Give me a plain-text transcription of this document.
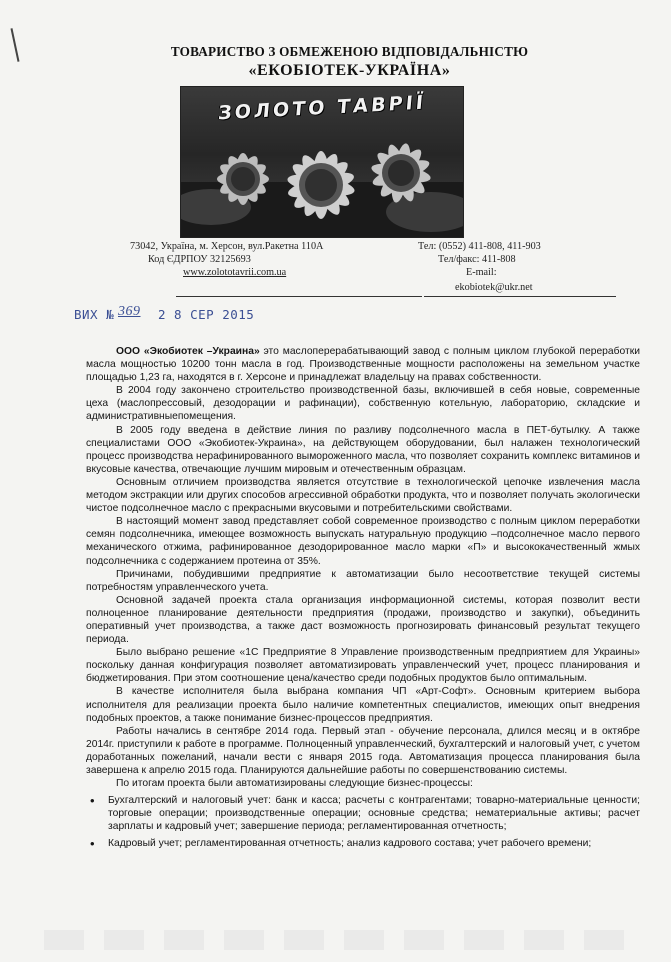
ТОВАРИСТВО З ОБМЕЖЕНОЮ ВІДПОВІДАЛЬНІСТЮ
«ЕКОБІОТЕК-УКРАЇНА»
ЗОЛОТО ТАВРІЇ
73042, Україна, м. Херсон, вул.Ракетна 110А
Код ЄДРПОУ 32125693
www.zolototavrii.com.ua
Тел: (0552) 411-808, 411-903
Тел/факс: 411-808
E-mail:
ekobiotek@ukr.net
ВИХ № 369 2 8 СЕР 2015

ООО «Экобиотек –Украина» это маслоперерабатывающий завод с полным циклом глубокой переработки масла мощностью 10200 тонн масла в год. Производственные мощности расположены на земельном участке площадью 1,23 га, находятся в г. Херсоне и принадлежат владельцу на правах собственности.

В 2004 году закончено строительство производственной базы, включившей в себя новые, современные цеха (маслопрессовый, дезодорации и рафинации), собственную котельную, лабораторию, складские и административныепомещения.

В 2005 году введена в действие линия по разливу подсолнечного масла в ПЕТ-бутылку. А также специалистами ООО «Экобиотек-Украина», на действующем оборудовании, был налажен технологический процесс производства нерафинированного вымороженного масла, что позволяет сохранить комплекс витаминов и вкусовые качества, отвечающие лучшим мировым и отечественным образцам.

Основным отличием производства является отсутствие в технологической цепочке извлечения масла методом экстракции или других способов агрессивной обработки продукта, что и позволяет получать экологически чистое подсолнечное масло с прекрасными вкусовыми и потребительскими свойствами.

В настоящий момент завод представляет собой современное производство с полным циклом переработки семян подсолнечника, имеющее возможность выпускать натуральную продукцию –подсолнечное масло первого механического отжима, рафинированное дезодорированное масло марки «П» и высококачественный жмых подсолнечника с содержанием протеина от 35%.

Причинами, побудившими предприятие к автоматизации было несоответствие текущей системы потребностям управленческого учета.

Основной задачей проекта стала организация информационной системы, которая позволит вести полноценное планирование деятельности предприятия (продажи, производство и закупки), объединить оперативный учет производства, а также даст возможность прогнозировать финансовый результат текущего периода.

Было выбрано решение «1С Предприятие 8 Управление производственным предприятием для Украины» поскольку данная конфигурация позволяет автоматизировать управленческий учет, процесс планирования и бюджетирования. При этом соотношение цена/качество среди подобных продуктов было оптимальным.

В качестве исполнителя была выбрана компания ЧП «Арт-Софт». Основным критерием выбора исполнителя для реализации проекта было наличие компетентных специалистов, имеющих опыт внедрения подобных проектов, а также понимание бизнес-процессов предприятия.

Работы начались в сентябре 2014 года. Первый этап - обучение персонала, длился месяц и в октябре 2014г. приступили к работе в программе. Полноценный управленческий, бухгалтерский и налоговый учет, с учетом доработанных пожеланий, начали вести с января 2015 года. Автоматизация процесса планирования была завершена к апрелю 2015 года. Планируются дальнейшие работы по совершенствованию системы.

По итогам проекта были автоматизированы следующие бизнес-процессы:

• Бухгалтерский и налоговый учет: банк и касса; расчеты с контрагентами; товарно-материальные ценности; торговые операции; производственные операции; основные средства; нематериальные активы; расчет зарплаты и кадровый учет; завершение периода; регламентированная отчетность;
• Кадровый учет; регламентированная отчетность; анализ кадрового состава; учет рабочего времени;
